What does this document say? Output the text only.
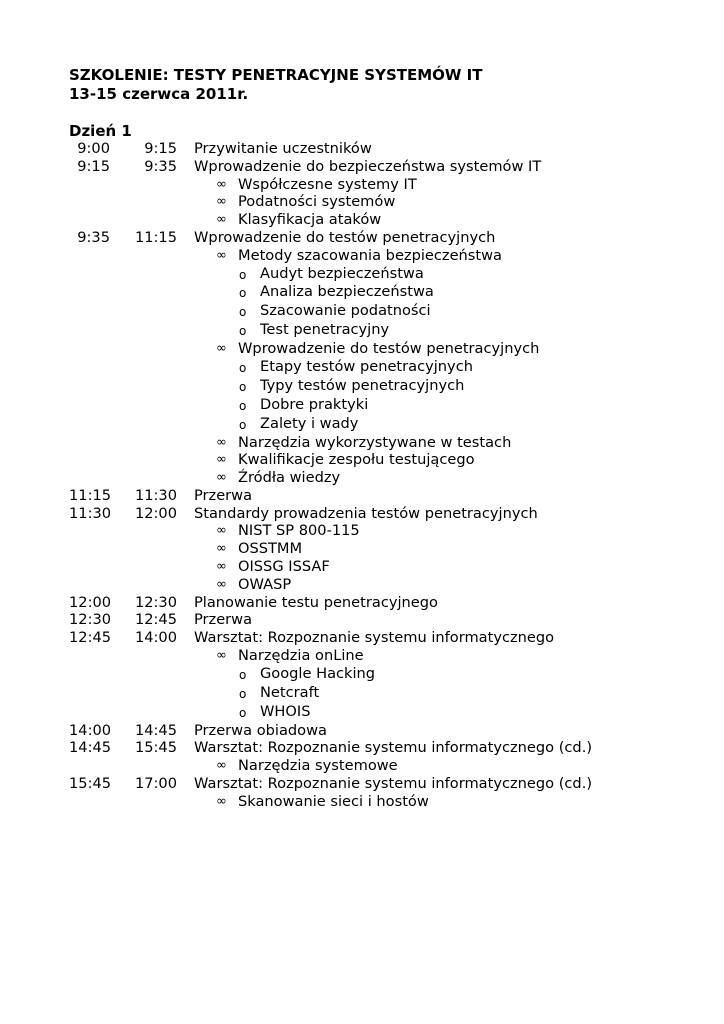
SZKOLENIE: TESTY PENETRACYJNE SYSTEMÓW IT

13-15 czerwca 2011r.

Dzień 1

9:00	9:15 Przywitanie uczestników
9:15	9:35 Wprowadzenie do bezpieczeństwa systemów IT
∞ Współczesne systemy IT
∞ Podatności systemów
∞ Klasyfikacja ataków
9:35 11:15 Wprowadzenie do testów penetracyjnych
∞ Metody szacowania bezpieczeństwa
o Audyt bezpieczeństwa
o Analiza bezpieczeństwa
o Szacowanie podatności
o Test penetracyjny
∞ Wprowadzenie do testów penetracyjnych
o Etapy testów penetracyjnych
o Typy testów penetracyjnych
o Dobre praktyki
o Zalety i wady
∞ Narzędzia wykorzystywane w testach
∞ Kwalifikacje zespołu testującego
∞ Źródła wiedzy
11:15 11:30 Przerwa
11:30 12:00 Standardy prowadzenia testów penetracyjnych
∞ NIST SP 800-115
∞ OSSTMM
∞ OISSG ISSAF
∞ OWASP
12:00 12:30 Planowanie testu penetracyjnego
12:30 12:45 Przerwa
12:45 14:00 Warsztat: Rozpoznanie systemu informatycznego
∞ Narzędzia onLine
o Google Hacking
o Netcraft
o WHOIS
14:00 14:45 Przerwa obiadowa
14:45 15:45 Warsztat: Rozpoznanie systemu informatycznego (cd.)
∞ Narzędzia systemowe
15:45 17:00 Warsztat: Rozpoznanie systemu informatycznego (cd.)
∞ Skanowanie sieci i hostów
